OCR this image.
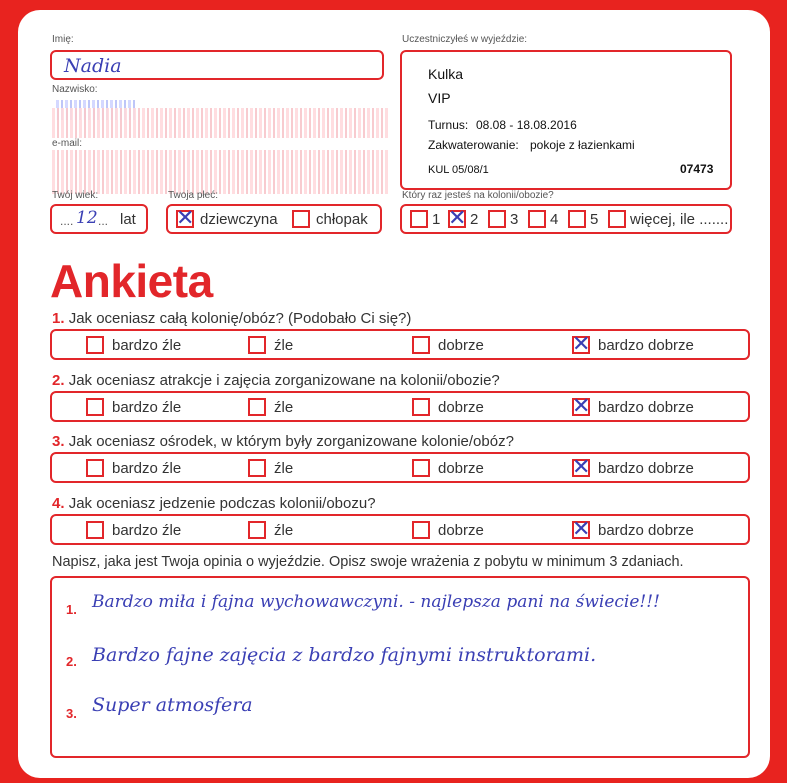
Imię:
Nadia
Nazwisko:
e-mail:
Twój wiek:
.... 12 ... lat
Twoja płeć:
✕ dziewczyna	chłopak
Uczestniczyłeś w wyjeździe:
Kulka
VIP
Turnus: 08.08 - 18.08.2016
Zakwaterowanie: pokoje z łazienkami
KUL 05/08/1	07473
Który raz jesteś na kolonii/obozie?
1 ✕ 2 3 4 5 więcej, ile .......
Ankieta
Napisz, jaka jest Twoja opinia o wyjeździe. Opisz swoje wrażenia z pobytu w minimum 3 zdaniach.
1. Bardzo miła i fajna wychowawczyni. - najlepsza pani na świecie!!!
2. Bardzo fajne zajęcia z bardzo fajnymi instruktorami.
3. Super atmosfera
1. Jak oceniasz całą kolonię/obóz? (Podobało Ci się?)
bardzo źle	źle	dobrze	✕ bardzo dobrze
2. Jak oceniasz atrakcje i zajęcia zorganizowane na kolonii/obozie?
bardzo źle	źle	dobrze	✕ bardzo dobrze
3. Jak oceniasz ośrodek, w którym były zorganizowane kolonie/obóz?
bardzo źle	źle	dobrze	✕ bardzo dobrze
4. Jak oceniasz jedzenie podczas kolonii/obozu?
bardzo źle	źle	dobrze	✕ bardzo dobrze
